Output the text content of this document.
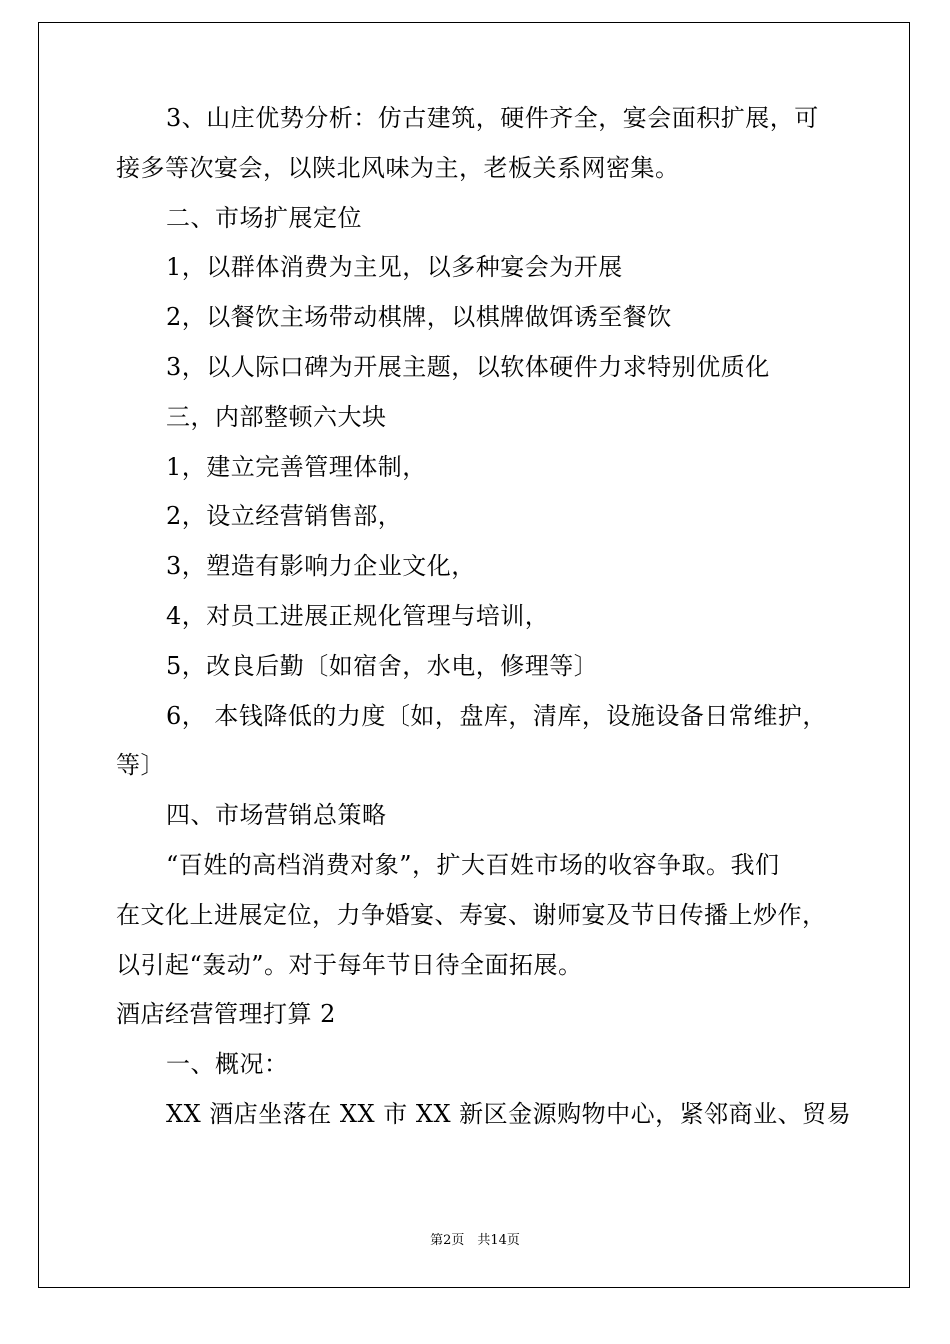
3、山庄优势分析：仿古建筑，硬件齐全，宴会面积扩展，可
接多等次宴会，以陕北风味为主，老板关系网密集。
二、市场扩展定位
1，以群体消费为主见，以多种宴会为开展
2，以餐饮主场带动棋牌，以棋牌做饵诱至餐饮
3，以人际口碑为开展主题，以软体硬件力求特别优质化
三，内部整顿六大块
1，建立完善管理体制，
2，设立经营销售部，
3，塑造有影响力企业文化，
4，对员工进展正规化管理与培训，
5，改良后勤〔如宿舍，水电，修理等〕
6， 本钱降低的力度〔如，盘库，清库，设施设备日常维护，
等〕
四、市场营销总策略
“百姓的高档消费对象”，扩大百姓市场的收容争取。我们
在文化上进展定位，力争婚宴、寿宴、谢师宴及节日传播上炒作，
以引起“轰动”。对于每年节日待全面拓展。
酒店经营管理打算 2
一、概况：
XX 酒店坐落在 XX 市 XX 新区金源购物中心，紧邻商业、贸易
第2页　共14页
